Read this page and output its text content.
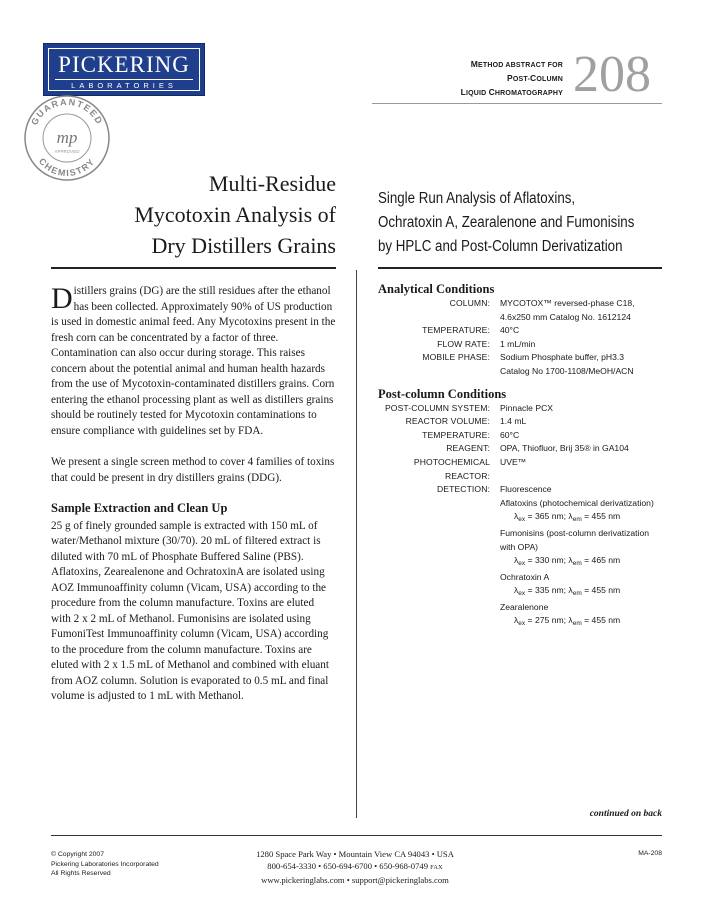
PICKERING
LABORATORIES
GUARANTEED
CHEMISTRY
mp
APPROVED
METHOD ABSTRACT FOR
POST-COLUMN
LIQUID CHROMATOGRAPHY 208
Multi-Residue
Mycotoxin Analysis of
Dry Distillers Grains
Single Run Analysis of Aflatoxins,
Ochratoxin A, Zearalenone and Fumonisins
by HPLC and Post-Column Derivatization

Distillers grains (DG) are the still residues after the ethanol has been collected. Approximately 90% of US production is used in domestic animal feed. Any Mycotoxins present in the fresh corn can be concentrated by a factor of three. Contamination can also occur during storage. This raises concern about the potential animal and human health hazards from the use of Mycotoxin-contaminated distillers grains. Corn entering the ethanol processing plant as well as distillers grains should be routinely tested for Mycotoxin contaminations to ensure compliance with guidelines set by FDA.

We present a single screen method to cover 4 families of toxins that could be present in dry distillers grains (DDG).

Sample Extraction and Clean Up

25 g of finely grounded sample is extracted with 150 mL of water/Methanol mixture (30/70). 20 mL of filtered extract is diluted with 70 mL of Phosphate Buffered Saline (PBS). Aflatoxins, Zearealenone and OchratoxinA are isolated using AOZ Immunoaffinity column (Vicam, USA) according to the procedure from the column manufacture. Toxins are eluted with 2 x 2 mL of Methanol. Fumonisins are isolated using FumoniTest Immunoaffinity column (Vicam, USA) according to the procedure from the column manufacture. Toxins are eluted with 2 x 1.5 mL of Methanol and combined with eluant from AOZ column. Solution is evaporated to 0.5 mL and final volume is adjusted to 1 mL with Methanol.

Analytical Conditions
COLUMN: MYCOTOX™ reversed-phase C18,
4.6x250 mm Catalog No. 1612124
TEMPERATURE: 40°C
FLOW RATE: 1 mL/min
MOBILE PHASE: Sodium Phosphate buffer, pH3.3
Catalog No 1700-1108/MeOH/ACN
Post-column Conditions
POST-COLUMN SYSTEM: Pinnacle PCX
REACTOR VOLUME: 1.4 mL
TEMPERATURE: 60°C
REAGENT: OPA, Thiofluor, Brij 35® in GA104
PHOTOCHEMICAL REACTOR:
UVE™
DETECTION: Fluorescence
Aflatoxins (photochemical derivatization)
$\lambda_{ex} = 365$ nm; $\lambda_{em} = 455$ nm
Fumonisins (post-column derivatization
with OPA)
$\lambda_{ex} = 330$ nm; $\lambda_{em} = 465$ nm
Ochratoxin A
$\lambda_{ex} = 335$ nm; $\lambda_{em} = 455$ nm
Zearalenone
$\lambda_{ex} = 275$ nm; $\lambda_{em} = 455$ nm
continued on back
© Copyright 2007
Pickering Laboratories Incorporated
All Rights Reserved
1280 Space Park Way • Mountain View CA 94043 • USA
800-654-3330 • 650-694-6700 • 650-968-0749 FAX
www.pickeringlabs.com • support@pickeringlabs.com
MA-208
